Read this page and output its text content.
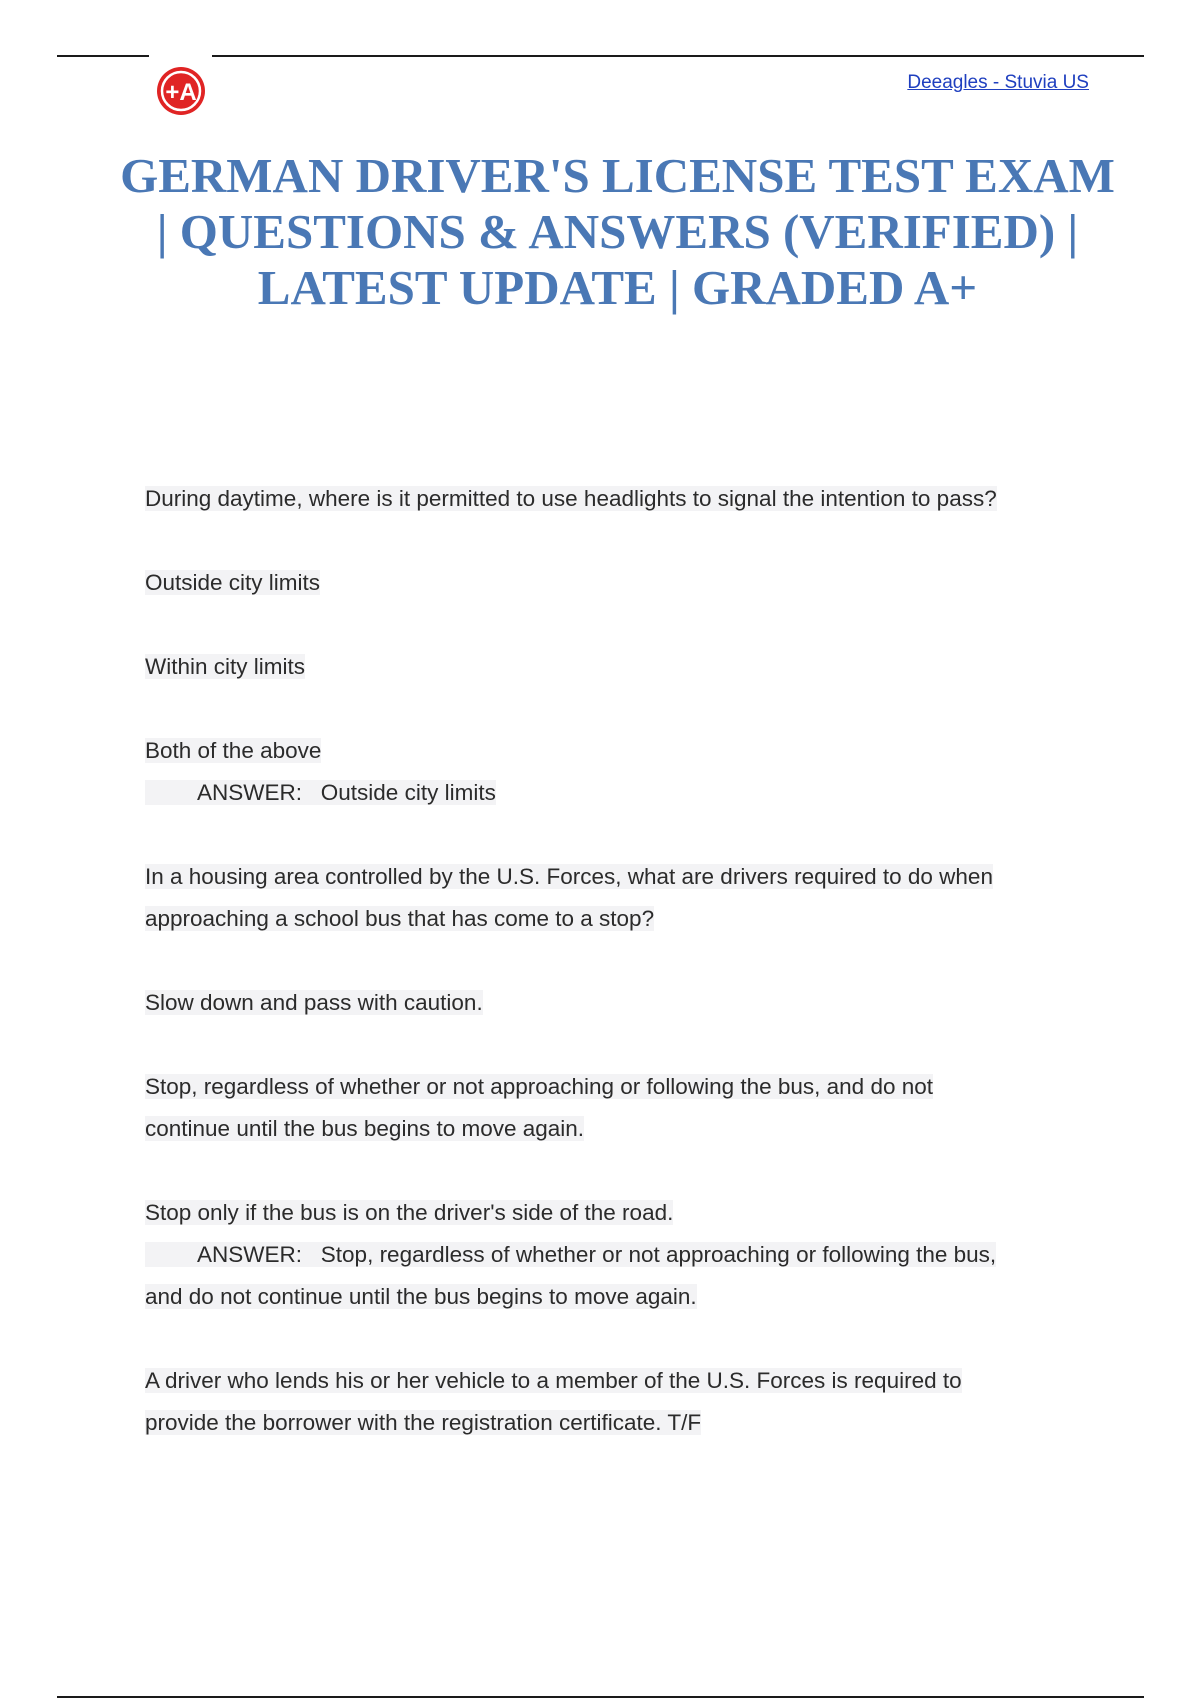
+A	Deeagles - Stuvia US
GERMAN DRIVER'S LICENSE TEST EXAM | QUESTIONS & ANSWERS (VERIFIED) | LATEST UPDATE | GRADED A+

During daytime, where is it permitted to use headlights to signal the intention to pass?

Outside city limits

Within city limits

Both of the above

ANSWER: Outside city limits

In a housing area controlled by the U.S. Forces, what are drivers required to do when

approaching a school bus that has come to a stop?

Slow down and pass with caution.

Stop, regardless of whether or not approaching or following the bus, and do not

continue until the bus begins to move again.

Stop only if the bus is on the driver's side of the road.

ANSWER: Stop, regardless of whether or not approaching or following the bus,

and do not continue until the bus begins to move again.

A driver who lends his or her vehicle to a member of the U.S. Forces is required to

provide the borrower with the registration certificate. T/F
